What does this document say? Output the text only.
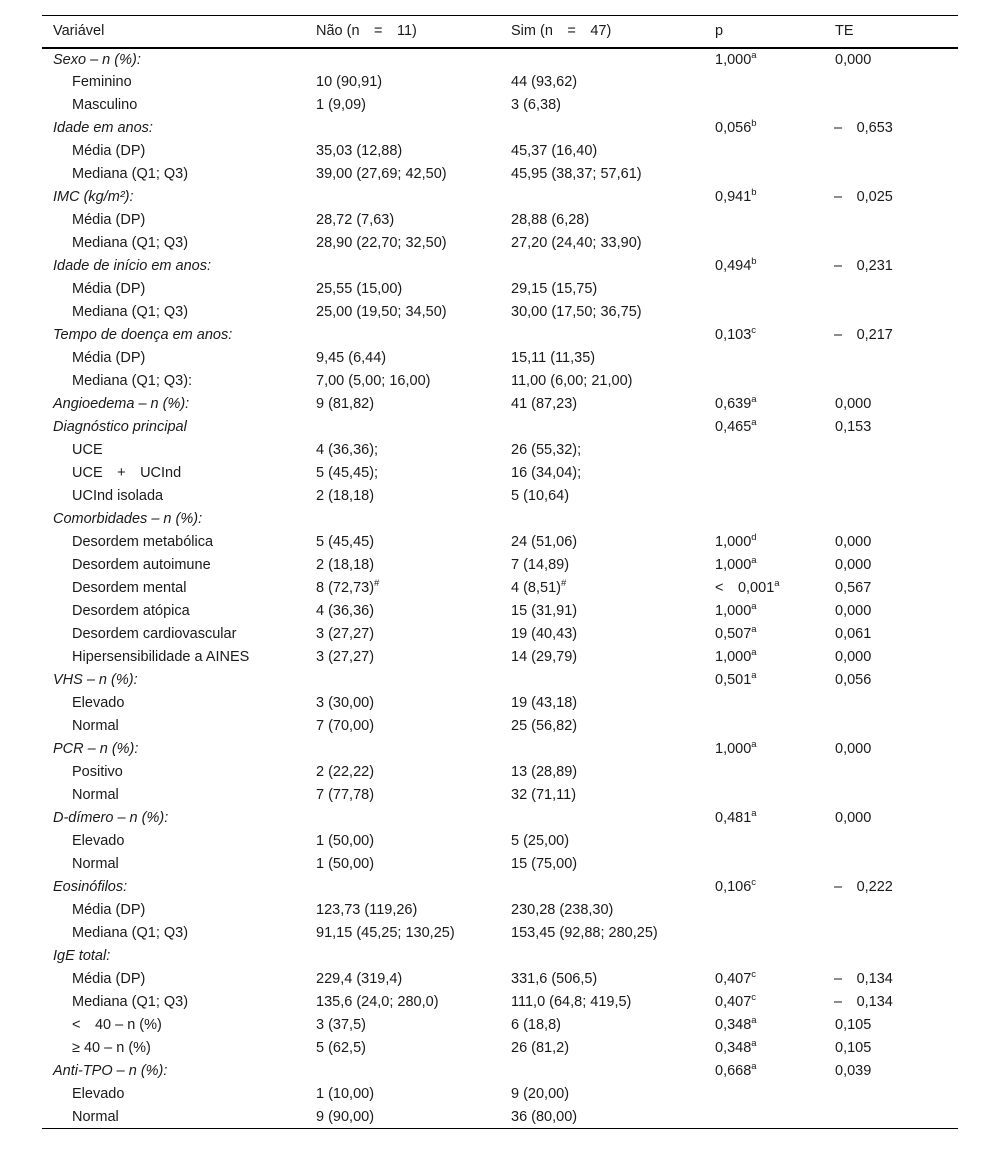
Variável	Não (n = 11)	Sim (n = 47)	p	TE
Sexo – n (%):			1,000$^a$	0,000
Feminino	10 (90,91)	44 (93,62)		
Masculino	1 (9,09)	3 (6,38)		
Idade em anos:			0,056$^b$	– 0,653
Média (DP)	35,03 (12,88)	45,37 (16,40)		
Mediana (Q1; Q3)	39,00 (27,69; 42,50)	45,95 (38,37; 57,61)		
IMC (kg/m²):			0,941$^b$	– 0,025
Média (DP)	28,72 (7,63)	28,88 (6,28)		
Mediana (Q1; Q3)	28,90 (22,70; 32,50)	27,20 (24,40; 33,90)		
Idade de início em anos:			0,494$^b$	– 0,231
Média (DP)	25,55 (15,00)	29,15 (15,75)		
Mediana (Q1; Q3)	25,00 (19,50; 34,50)	30,00 (17,50; 36,75)		
Tempo de doença em anos:			0,103$^c$	– 0,217
Média (DP)	9,45 (6,44)	15,11 (11,35)		
Mediana (Q1; Q3):	7,00 (5,00; 16,00)	11,00 (6,00; 21,00)		
Angioedema – n (%):	9 (81,82)	41 (87,23)	0,639$^a$	0,000
Diagnóstico principal			0,465$^a$	0,153
UCE	4 (36,36);	26 (55,32);		
UCE + UCInd	5 (45,45);	16 (34,04);		
UCInd isolada	2 (18,18)	5 (10,64)		
Comorbidades – n (%):				
Desordem metabólica	5 (45,45)	24 (51,06)	1,000$^d$	0,000
Desordem autoimune	2 (18,18)	7 (14,89)	1,000$^a$	0,000
Desordem mental	8 (72,73)#	4 (8,51)#	< 0,001$^a$	0,567
Desordem atópica	4 (36,36)	15 (31,91)	1,000$^a$	0,000
Desordem cardiovascular	3 (27,27)	19 (40,43)	0,507$^a$	0,061
Hipersensibilidade a AINES	3 (27,27)	14 (29,79)	1,000$^a$	0,000
VHS – n (%):			0,501$^a$	0,056
Elevado	3 (30,00)	19 (43,18)		
Normal	7 (70,00)	25 (56,82)		
PCR – n (%):			1,000$^a$	0,000
Positivo	2 (22,22)	13 (28,89)		
Normal	7 (77,78)	32 (71,11)		
D-dímero – n (%):			0,481$^a$	0,000
Elevado	1 (50,00)	5 (25,00)		
Normal	1 (50,00)	15 (75,00)		
Eosinófilos:			0,106$^c$	– 0,222
Média (DP)	123,73 (119,26)	230,28 (238,30)		
Mediana (Q1; Q3)	91,15 (45,25; 130,25)	153,45 (92,88; 280,25)		
IgE total:				
Média (DP)	229,4 (319,4)	331,6 (506,5)	0,407$^c$	– 0,134
Mediana (Q1; Q3)	135,6 (24,0; 280,0)	111,0 (64,8; 419,5)	0,407$^c$	– 0,134
< 40 – n (%)	3 (37,5)	6 (18,8)	0,348$^a$	0,105
≥ 40 – n (%)	5 (62,5)	26 (81,2)	0,348$^a$	0,105
Anti-TPO – n (%):			0,668$^a$	0,039
Elevado	1 (10,00)	9 (20,00)		
Normal	9 (90,00)	36 (80,00)		
